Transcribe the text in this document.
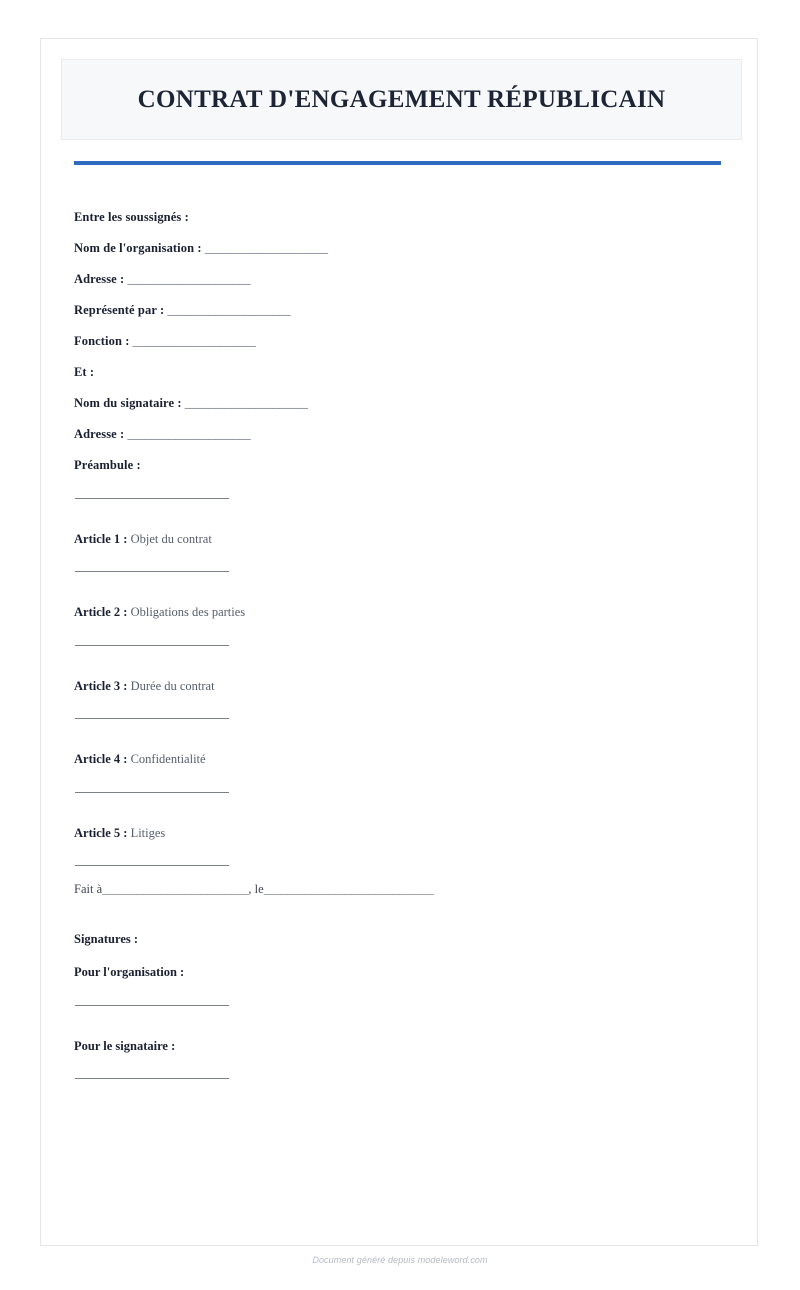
CONTRAT D'ENGAGEMENT RÉPUBLICAIN
Entre les soussignés :
Nom de l'organisation : _____________________
Adresse : _____________________
Représenté par : _____________________
Fonction : _____________________
Et :
Nom du signataire : _____________________
Adresse : _____________________
Préambule :
Article 1 : Objet du contrat
Article 2 : Obligations des parties
Article 3 : Durée du contrat
Article 4 : Confidentialité
Article 5 : Litiges
Fait à_________________________, le_____________________________
Signatures :
Pour l'organisation :
Pour le signataire :
Document généré depuis modeleword.com
